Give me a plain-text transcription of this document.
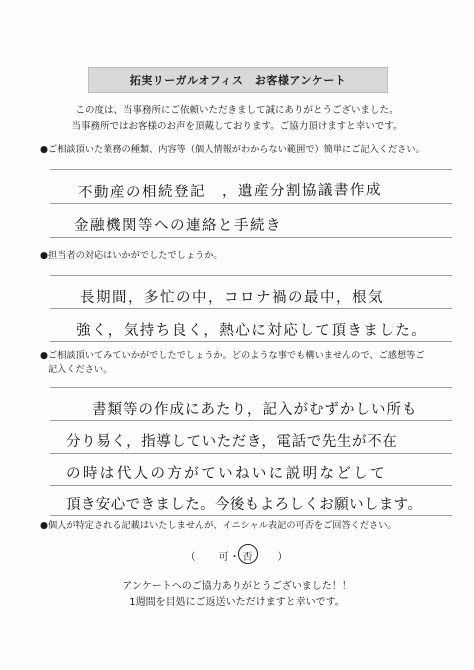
拓実リーガルオフィス　お客様アンケート
この度は、当事務所にご依頼いただきまして誠にありがとうございました。
当事務所ではお客様のお声を頂戴しております。ご協力頂けますと幸いです。
●ご相談頂いた業務の種類、内容等（個人情報がわからない範囲で）簡単にご記入ください。
不動産の相続登記　，遺産分割協議書作成
金融機関等への連絡と手続き
●担当者の対応はいかがでしたでしょうか。
長期間，多忙の中，コロナ禍の最中，根気
強く，気持ち良く，熱心に対応して頂きました。
●ご相談頂いてみていかがでしたでしょうか。どのような事でも構いませんので、ご感想等ご
記入ください。
書類等の作成にあたり，記入がむずかしい所も
分り易く，指導していただき，電話で先生が不在
の時は代人の方がていねいに説明などして
頂き安心できました。今後もよろしくお願いします。
●個人が特定される記載はいたしませんが、イニシャル表記の可否をご回答ください。
（　　可・ 否　　）
アンケートへのご協力ありがとうございました！！
1週間を目処にご返送いただけますと幸いです。
